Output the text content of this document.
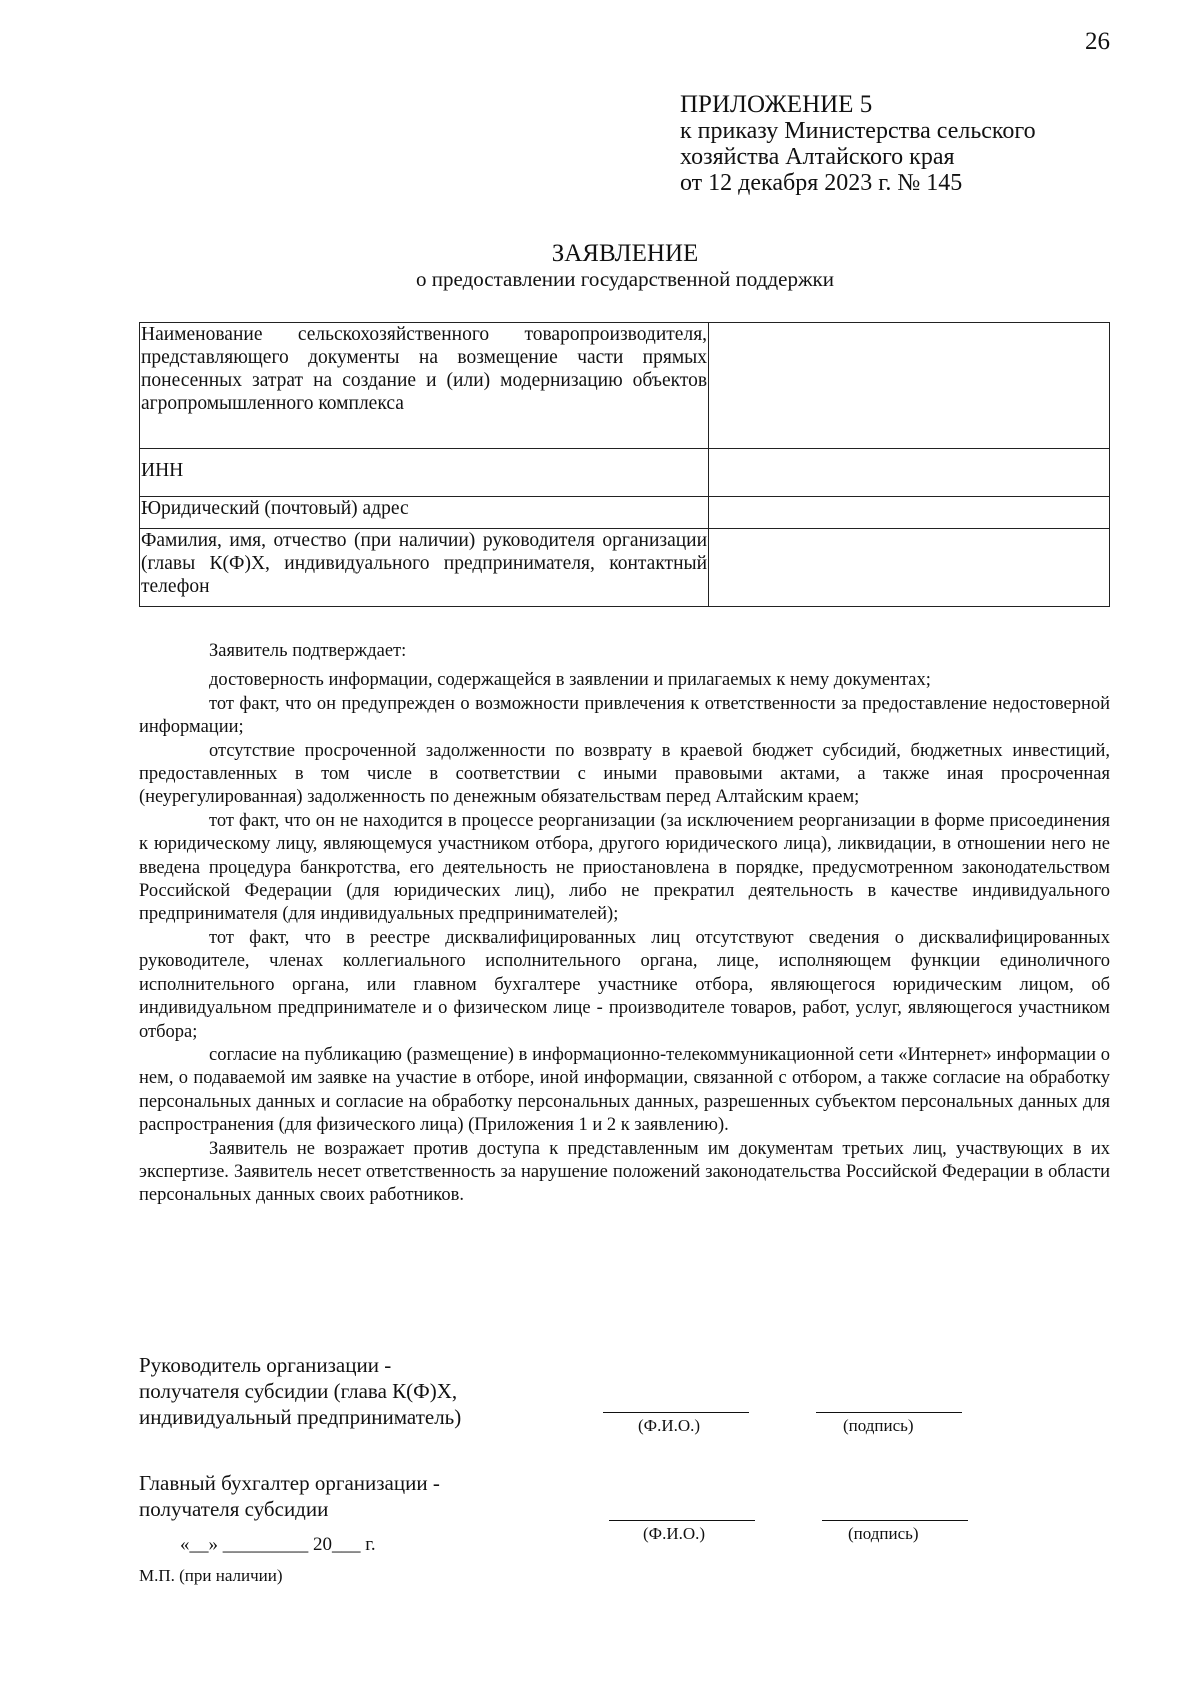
26
ПРИЛОЖЕНИЕ 5
к приказу Министерства сельского
хозяйства Алтайского края
от 12 декабря 2023 г. № 145
ЗАЯВЛЕНИЕ
о предоставлении государственной поддержки
Наименование сельскохозяйственного товаропроизводителя, представляющего документы на возмещение части прямых понесенных затрат на создание и (или) модернизацию объектов агропромышленного комплекса	
ИНН	
Юридический (почтовый) адрес	
Фамилия, имя, отчество (при наличии) руководителя организации (главы К(Ф)Х, индивидуального предпринимателя, контактный телефон	

Заявитель подтверждает:

достоверность информации, содержащейся в заявлении и прилагаемых к нему документах;

тот факт, что он предупрежден о возможности привлечения к ответственности за предоставление недостоверной информации;

отсутствие просроченной задолженности по возврату в краевой бюджет субсидий, бюджетных инвестиций, предоставленных в том числе в соответствии с иными правовыми актами, а также иная просроченная (неурегулированная) задолженность по денежным обязательствам перед Алтайским краем;

тот факт, что он не находится в процессе реорганизации (за исключением реорганизации в форме присоединения к юридическому лицу, являющемуся участником отбора, другого юридического лица), ликвидации, в отношении него не введена процедура банкротства, его деятельность не приостановлена в порядке, предусмотренном законодательством Российской Федерации (для юридических лиц), либо не прекратил деятельность в качестве индивидуального предпринимателя (для индивидуальных предпринимателей);

тот факт, что в реестре дисквалифицированных лиц отсутствуют сведения о дисквалифицированных руководителе, членах коллегиального исполнительного органа, лице, исполняющем функции единоличного исполнительного органа, или главном бухгалтере участнике отбора, являющегося юридическим лицом, об индивидуальном предпринимателе и о физическом лице - производителе товаров, работ, услуг, являющегося участником отбора;

согласие на публикацию (размещение) в информационно-телекоммуникационной сети «Интернет» информации о нем, о подаваемой им заявке на участие в отборе, иной информации, связанной с отбором, а также согласие на обработку персональных данных и согласие на обработку персональных данных, разрешенных субъектом персональных данных для распространения (для физического лица) (Приложения 1 и 2 к заявлению).

Заявитель не возражает против доступа к представленным им документам третьих лиц, участвующих в их экспертизе. Заявитель несет ответственность за нарушение положений законодательства Российской Федерации в области персональных данных своих работников.

Руководитель организации -
получателя субсидии (глава К(Ф)Х,
индивидуальный предприниматель)	(Ф.И.О.)	(подпись)
Главный бухгалтер организации -
получателя субсидии
(Ф.И.О.)	(подпись)
«__» _________ 20___ г.
М.П. (при наличии)
